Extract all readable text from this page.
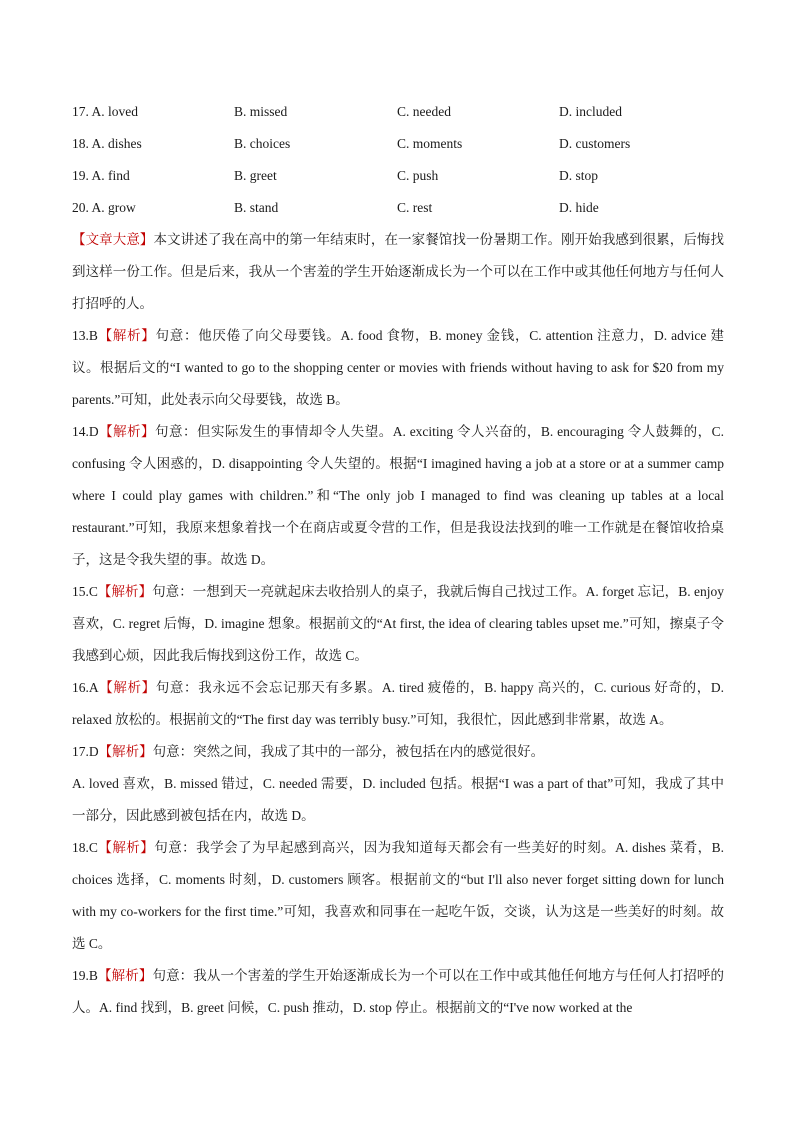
17. A. loved	B. missed	C. needed	D. included
18. A. dishes	B. choices	C. moments	D. customers
19. A. find	B. greet	C. push	D. stop
20. A. grow	B. stand	C. rest	D. hide

【文章大意】本文讲述了我在高中的第一年结束时，在一家餐馆找一份暑期工作。刚开始我感到很累，后悔找到这样一份工作。但是后来，我从一个害羞的学生开始逐渐成长为一个可以在工作中或其他任何地方与任何人打招呼的人。

13.B【解析】句意：他厌倦了向父母要钱。A. food 食物，B. money 金钱，C. attention 注意力，D. advice 建议。根据后文的“I wanted to go to the shopping center or movies with friends without having to ask for $20 from my parents.”可知，此处表示向父母要钱，故选 B。

14.D【解析】句意：但实际发生的事情却令人失望。A. exciting 令人兴奋的，B. encouraging 令人鼓舞的，C. confusing 令人困惑的，D. disappointing 令人失望的。根据“I imagined having a job at a store or at a summer camp where I could play games with children.”和“The only job I managed to find was cleaning up tables at a local restaurant.”可知，我原来想象着找一个在商店或夏令营的工作，但是我设法找到的唯一工作就是在餐馆收拾桌子，这是令我失望的事。故选 D。

15.C【解析】句意：一想到天一亮就起床去收拾别人的桌子，我就后悔自己找过工作。A. forget 忘记，B. enjoy 喜欢，C. regret 后悔，D. imagine 想象。根据前文的“At first, the idea of clearing tables upset me.”可知，擦桌子令我感到心烦，因此我后悔找到这份工作，故选 C。

16.A【解析】句意：我永远不会忘记那天有多累。A. tired 疲倦的，B. happy 高兴的，C. curious 好奇的，D. relaxed 放松的。根据前文的“The first day was terribly busy.”可知，我很忙，因此感到非常累，故选 A。

17.D【解析】句意：突然之间，我成了其中的一部分，被包括在内的感觉很好。

A. loved 喜欢，B. missed 错过，C. needed 需要，D. included 包括。根据“I was a part of that”可知，我成了其中一部分，因此感到被包括在内，故选 D。

18.C【解析】句意：我学会了为早起感到高兴，因为我知道每天都会有一些美好的时刻。A. dishes 菜肴，B. choices 选择，C. moments 时刻，D. customers 顾客。根据前文的“but I'll also never forget sitting down for lunch with my co-workers for the first time.”可知，我喜欢和同事在一起吃午饭，交谈，认为这是一些美好的时刻。故选 C。

19.B【解析】句意：我从一个害羞的学生开始逐渐成长为一个可以在工作中或其他任何地方与任何人打招呼的人。A. find 找到，B. greet 问候，C. push 推动，D. stop 停止。根据前文的“I've now worked at the
